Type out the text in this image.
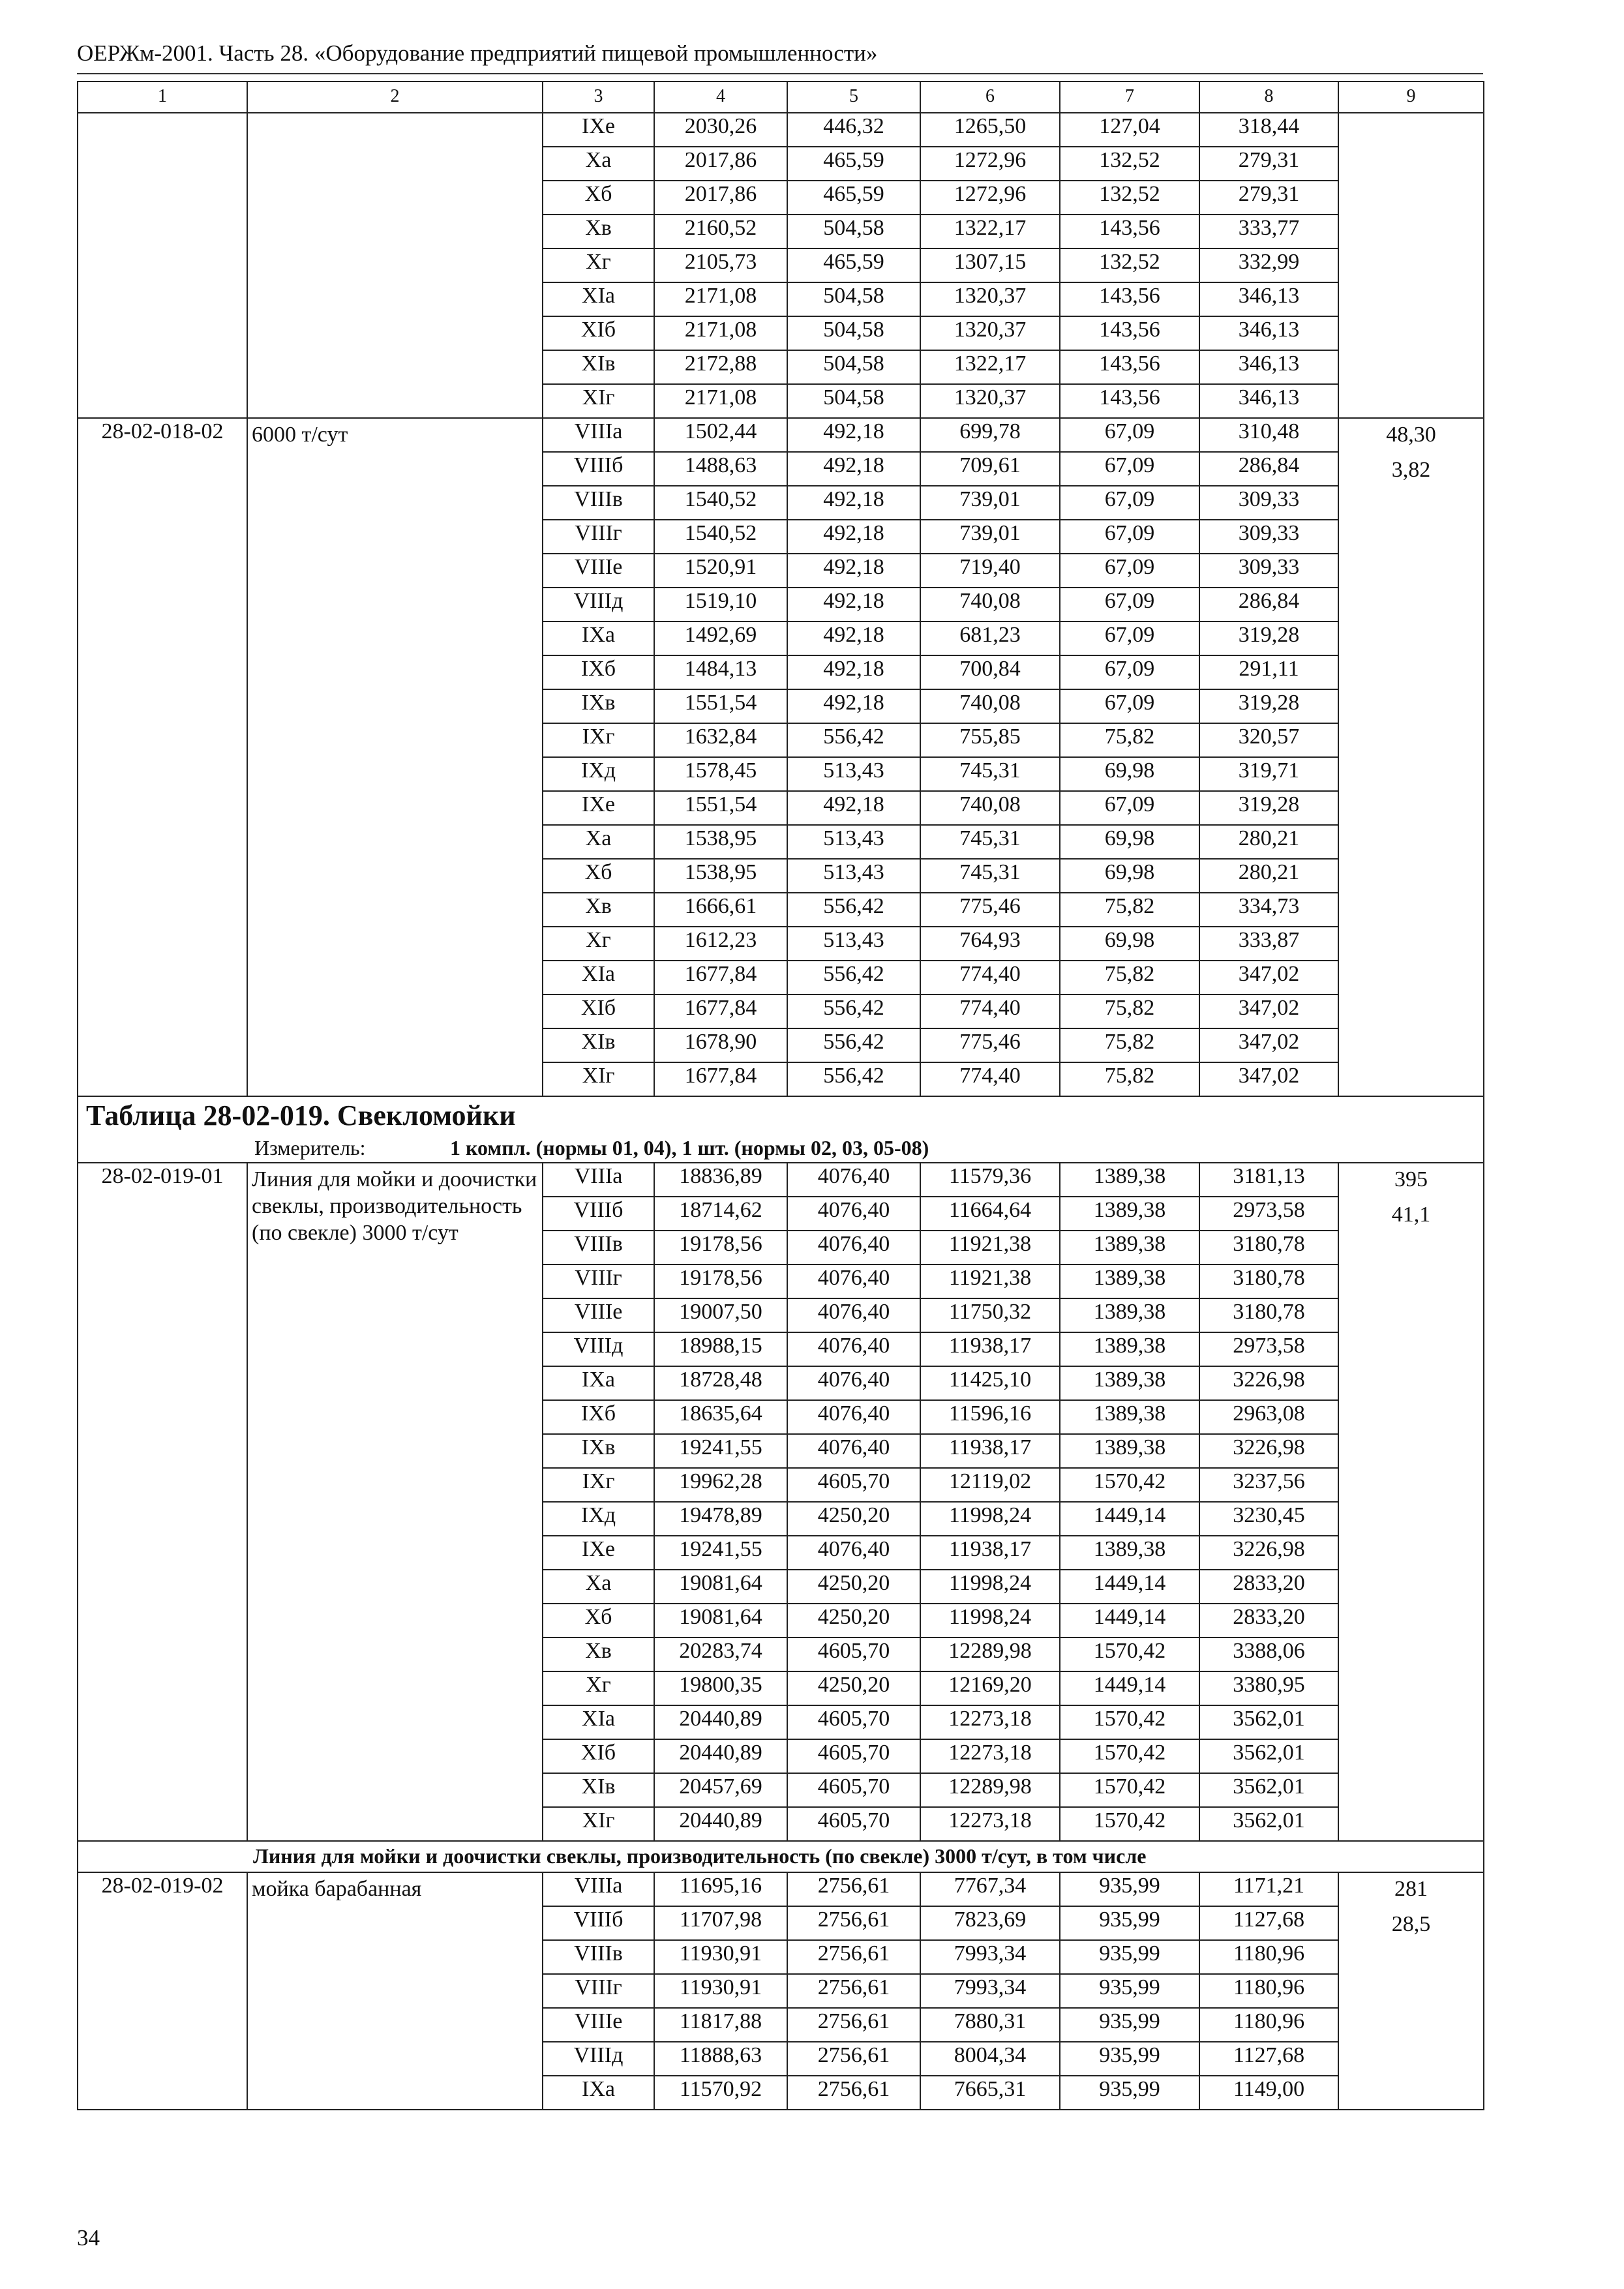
ОЕРЖм-2001. Часть 28. «Оборудование предприятий пищевой промышленности»
1	2	3	4	5	6	7	8	9
		IXe	2030,26	446,32	1265,50	127,04	318,44	
		Xa	2017,86	465,59	1272,96	132,52	279,31	
		Xб	2017,86	465,59	1272,96	132,52	279,31	
		Xв	2160,52	504,58	1322,17	143,56	333,77	
		Xг	2105,73	465,59	1307,15	132,52	332,99	
		XIa	2171,08	504,58	1320,37	143,56	346,13	
		XIб	2171,08	504,58	1320,37	143,56	346,13	
		XIв	2172,88	504,58	1322,17	143,56	346,13	
		XIг	2171,08	504,58	1320,37	143,56	346,13	
28-02-018-02	6000 т/сут	VIIIa	1502,44	492,18	699,78	67,09	310,48	48,30
3,82

		VIIIб	1488,63	492,18	709,61	67,09	286,84	
		VIIIв	1540,52	492,18	739,01	67,09	309,33	
		VIIIг	1540,52	492,18	739,01	67,09	309,33	
		VIIIe	1520,91	492,18	719,40	67,09	309,33	
		VIIIд	1519,10	492,18	740,08	67,09	286,84	
		IXa	1492,69	492,18	681,23	67,09	319,28	
		IXб	1484,13	492,18	700,84	67,09	291,11	
		IXв	1551,54	492,18	740,08	67,09	319,28	
		IXг	1632,84	556,42	755,85	75,82	320,57	
		IXд	1578,45	513,43	745,31	69,98	319,71	
		IXe	1551,54	492,18	740,08	67,09	319,28	
		Xa	1538,95	513,43	745,31	69,98	280,21	
		Xб	1538,95	513,43	745,31	69,98	280,21	
		Xв	1666,61	556,42	775,46	75,82	334,73	
		Xг	1612,23	513,43	764,93	69,98	333,87	
		XIa	1677,84	556,42	774,40	75,82	347,02	
		XIб	1677,84	556,42	774,40	75,82	347,02	
		XIв	1678,90	556,42	775,46	75,82	347,02	
		XIг	1677,84	556,42	774,40	75,82	347,02	
Таблица 28-02-019. Свекломойки								
Измеритель: 1 компл. (нормы 01, 04), 1 шт. (нормы 02, 03, 05-08)								
28-02-019-01	Линия для мойки и доочистки свеклы, производительность (по свекле) 3000 т/сут	VIIIa	18836,89	4076,40	11579,36	1389,38	3181,13	395
41,1

		VIIIб	18714,62	4076,40	11664,64	1389,38	2973,58	
		VIIIв	19178,56	4076,40	11921,38	1389,38	3180,78	
		VIIIг	19178,56	4076,40	11921,38	1389,38	3180,78	
		VIIIe	19007,50	4076,40	11750,32	1389,38	3180,78	
		VIIIд	18988,15	4076,40	11938,17	1389,38	2973,58	
		IXa	18728,48	4076,40	11425,10	1389,38	3226,98	
		IXб	18635,64	4076,40	11596,16	1389,38	2963,08	
		IXв	19241,55	4076,40	11938,17	1389,38	3226,98	
		IXг	19962,28	4605,70	12119,02	1570,42	3237,56	
		IXд	19478,89	4250,20	11998,24	1449,14	3230,45	
		IXe	19241,55	4076,40	11938,17	1389,38	3226,98	
		Xa	19081,64	4250,20	11998,24	1449,14	2833,20	
		Xб	19081,64	4250,20	11998,24	1449,14	2833,20	
		Xв	20283,74	4605,70	12289,98	1570,42	3388,06	
		Xг	19800,35	4250,20	12169,20	1449,14	3380,95	
		XIa	20440,89	4605,70	12273,18	1570,42	3562,01	
		XIб	20440,89	4605,70	12273,18	1570,42	3562,01	
		XIв	20457,69	4605,70	12289,98	1570,42	3562,01	
		XIг	20440,89	4605,70	12273,18	1570,42	3562,01	
Линия для мойки и доочистки свеклы, производительность (по свекле) 3000 т/сут, в том числе								
28-02-019-02	мойка барабанная	VIIIa	11695,16	2756,61	7767,34	935,99	1171,21	281
28,5

		VIIIб	11707,98	2756,61	7823,69	935,99	1127,68	
		VIIIв	11930,91	2756,61	7993,34	935,99	1180,96	
		VIIIг	11930,91	2756,61	7993,34	935,99	1180,96	
		VIIIe	11817,88	2756,61	7880,31	935,99	1180,96	
		VIIIд	11888,63	2756,61	8004,34	935,99	1127,68	
		IXa	11570,92	2756,61	7665,31	935,99	1149,00	
34
